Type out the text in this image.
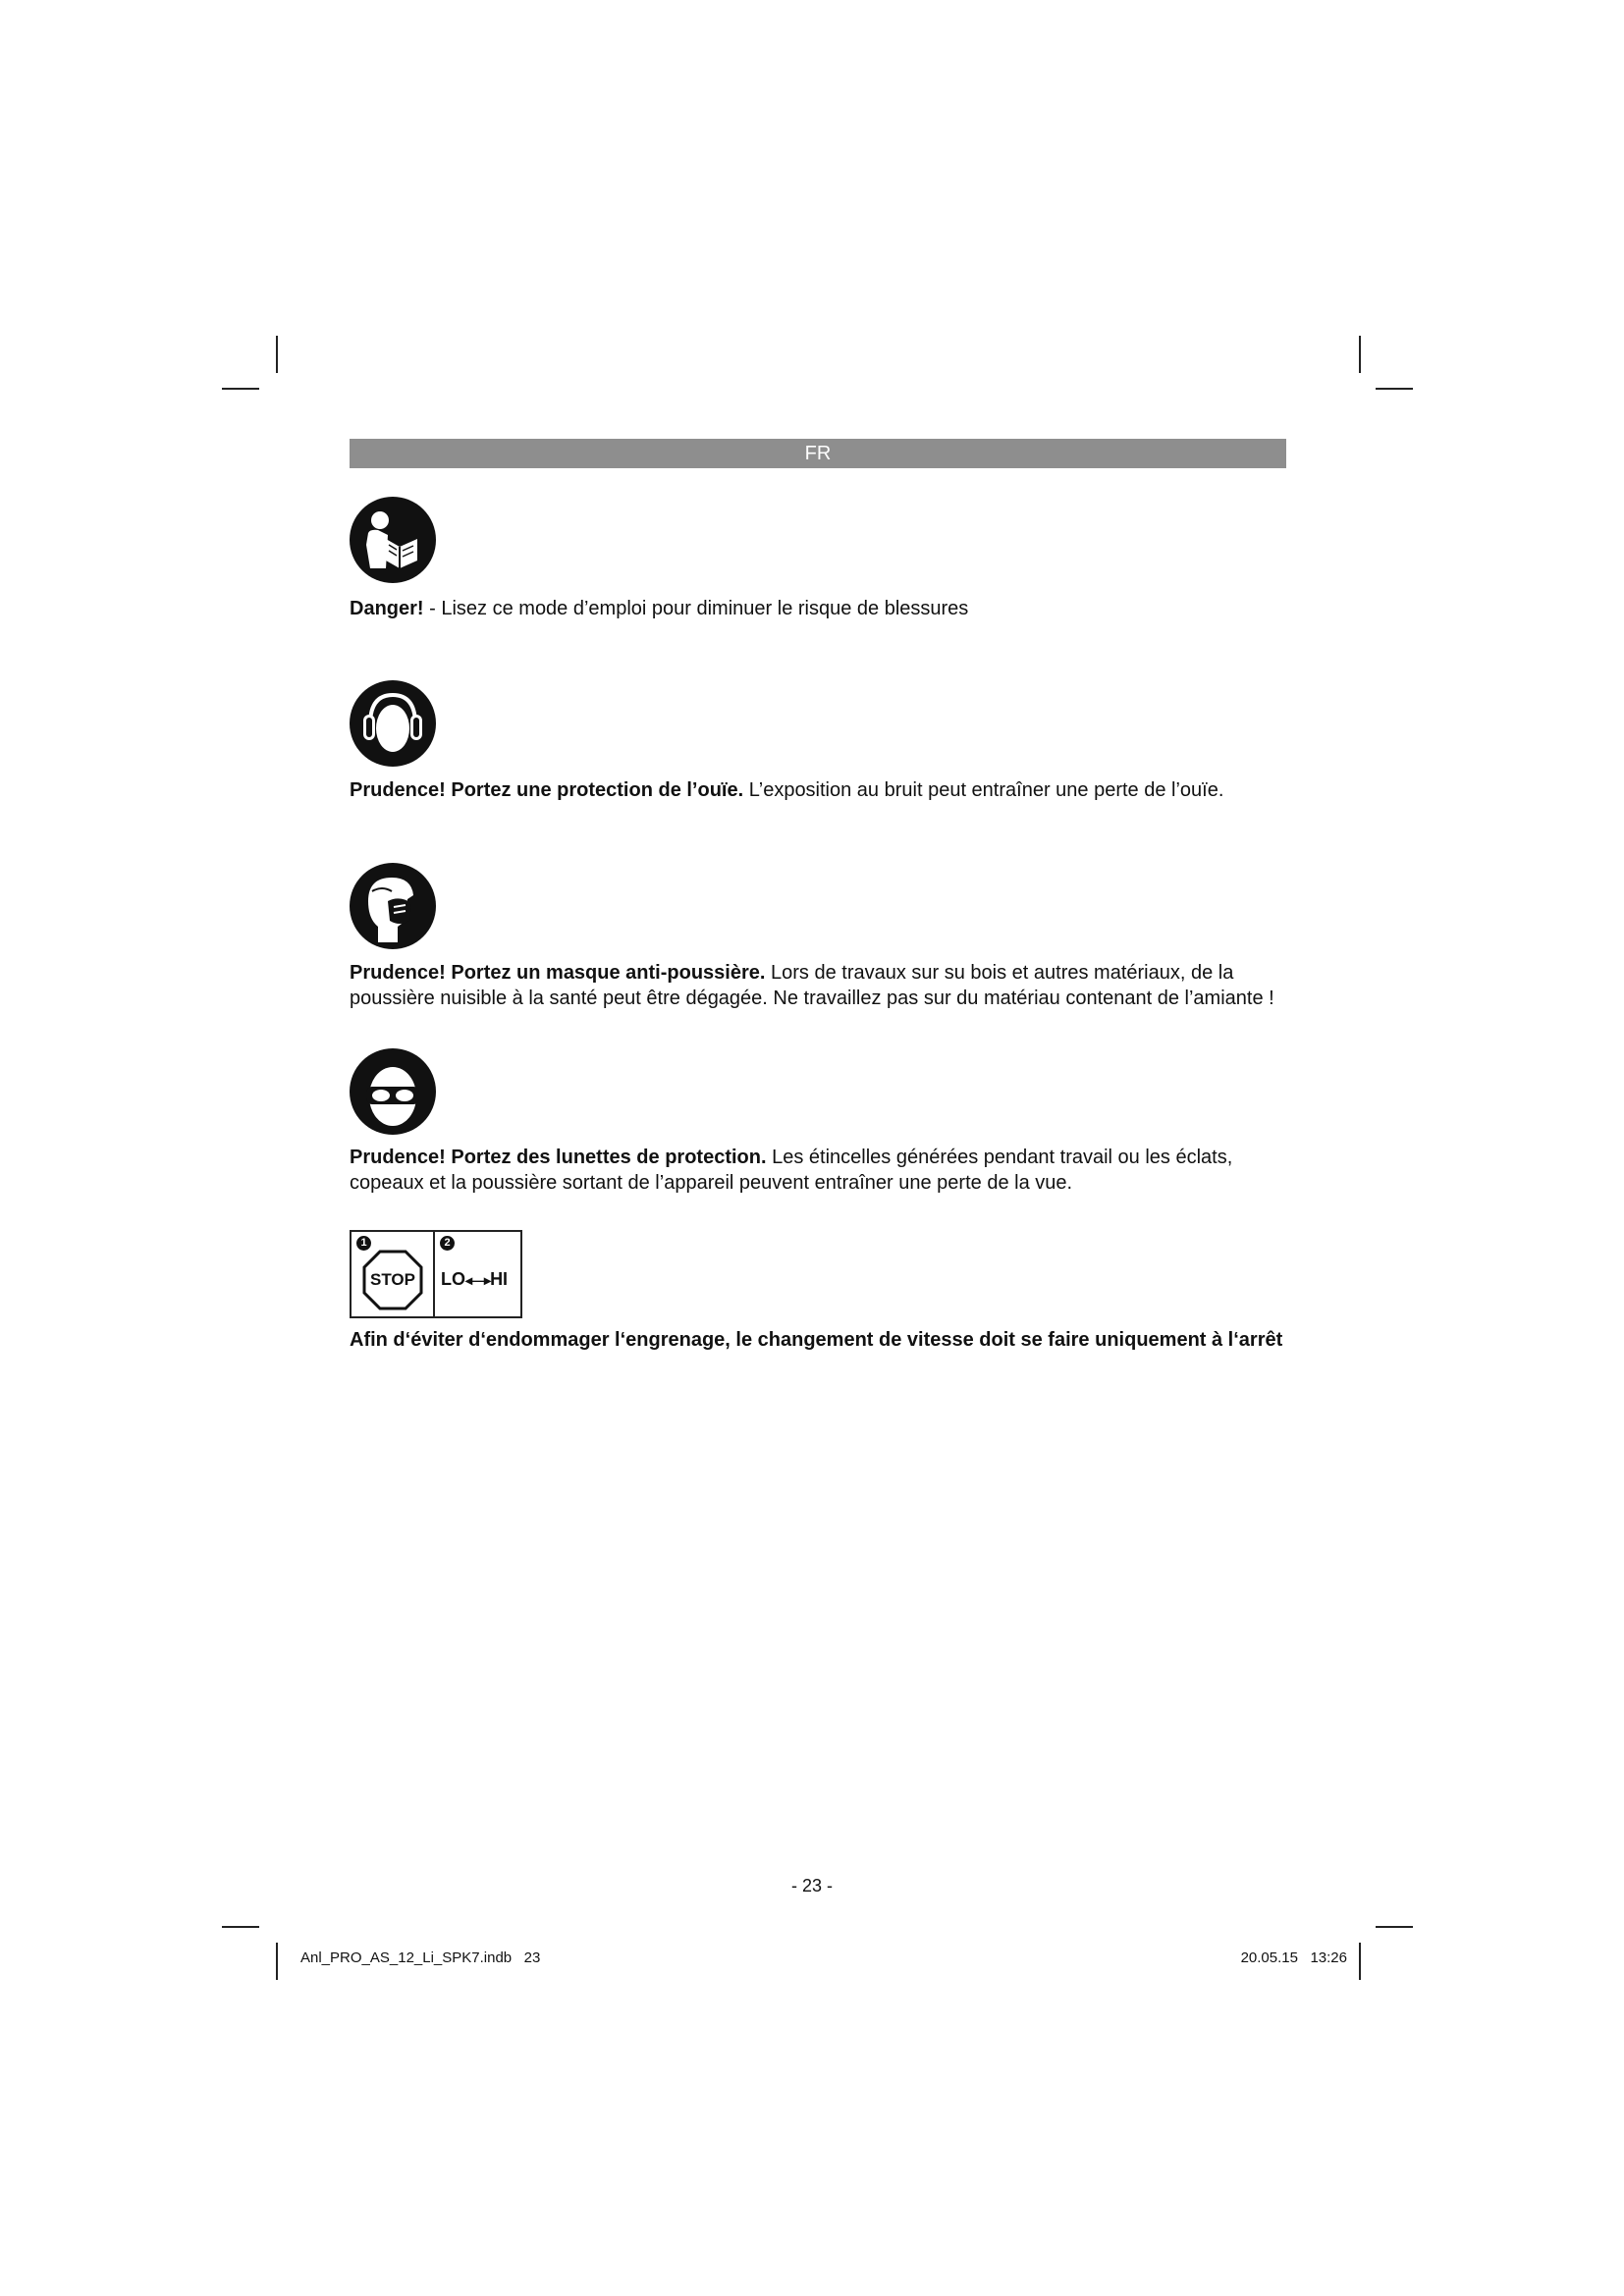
FR

Danger! - Lisez ce mode d’emploi pour diminuer le risque de blessures

Prudence! Portez une protection de l’ouïe. L’exposition au bruit peut entraîner une perte de l’ouïe.

Prudence! Portez un masque anti-poussière. Lors de travaux sur su bois et autres matériaux, de la poussière nuisible à la santé peut être dégagée. Ne travaillez pas sur du matériau contenant de l’amiante !

Prudence! Portez des lunettes de protection. Les étincelles générées pendant travail ou les éclats, copeaux et la poussière sortant de l’appareil peuvent entraîner une perte de la vue.

1
STOP
2
LO◂—▸HI

Afin d‘éviter d‘endommager l‘engrenage, le changement de vitesse doit se faire uniquement à l‘arrêt

- 23 -
Anl_PRO_AS_12_Li_SPK7.indb   23	20.05.15   13:26
